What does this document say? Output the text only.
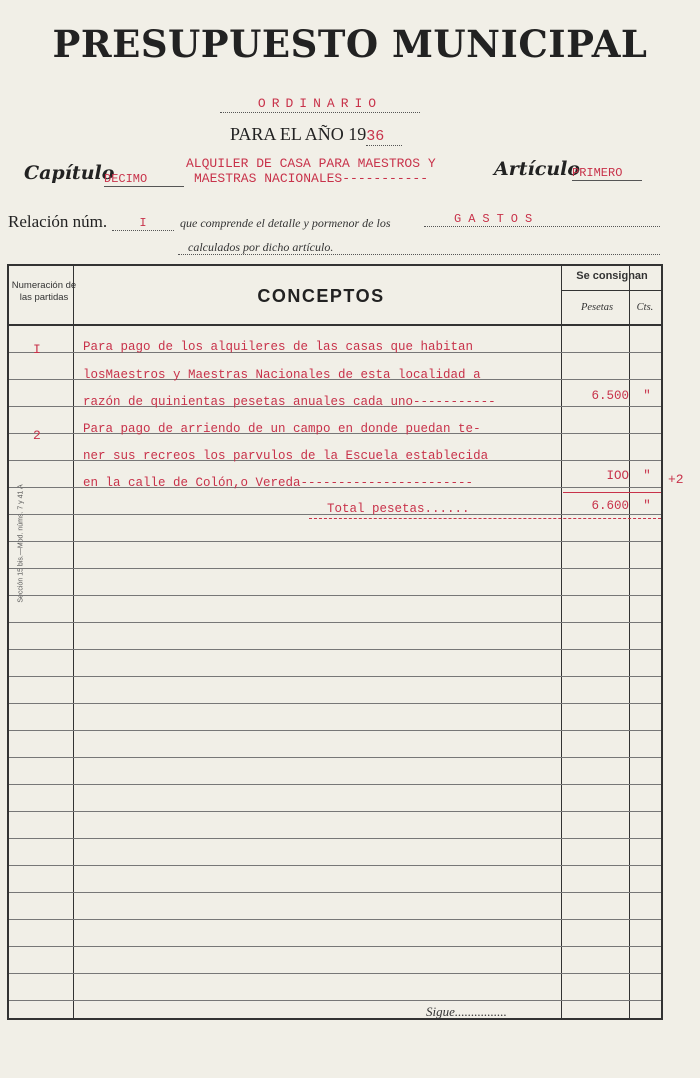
PRESUPUESTO MUNICIPAL
ORDINARIO
PARA EL AÑO 1936
Capítulo
DECIMO
ALQUILER DE CASA PARA MAESTROS Y
MAESTRAS NACIONALES-----------	Artículo
PRIMERO
Relación núm.	I	que comprende el detalle y pormenor de los	GASTOS
calculados por dicho artículo.
Sección 15 bis.—Mod. núms. 7 y 41 A
Numeración de las partidas	CONCEPTOS
Se consignan
Pesetas	Cts.
I	Para pago de los alquileres de las casas que habitan
losMaestros y Maestras Nacionales de esta localidad a
razón de quinientas pesetas anuales cada uno-----------	6.500	"
2	Para pago de arriendo de un campo en donde puedan te-
ner sus recreos los parvulos de la Escuela establecida
en la calle de Colón,o Vereda-----------------------	IOO	"
Total pesetas......	6.600	"
+2
Sigue................
